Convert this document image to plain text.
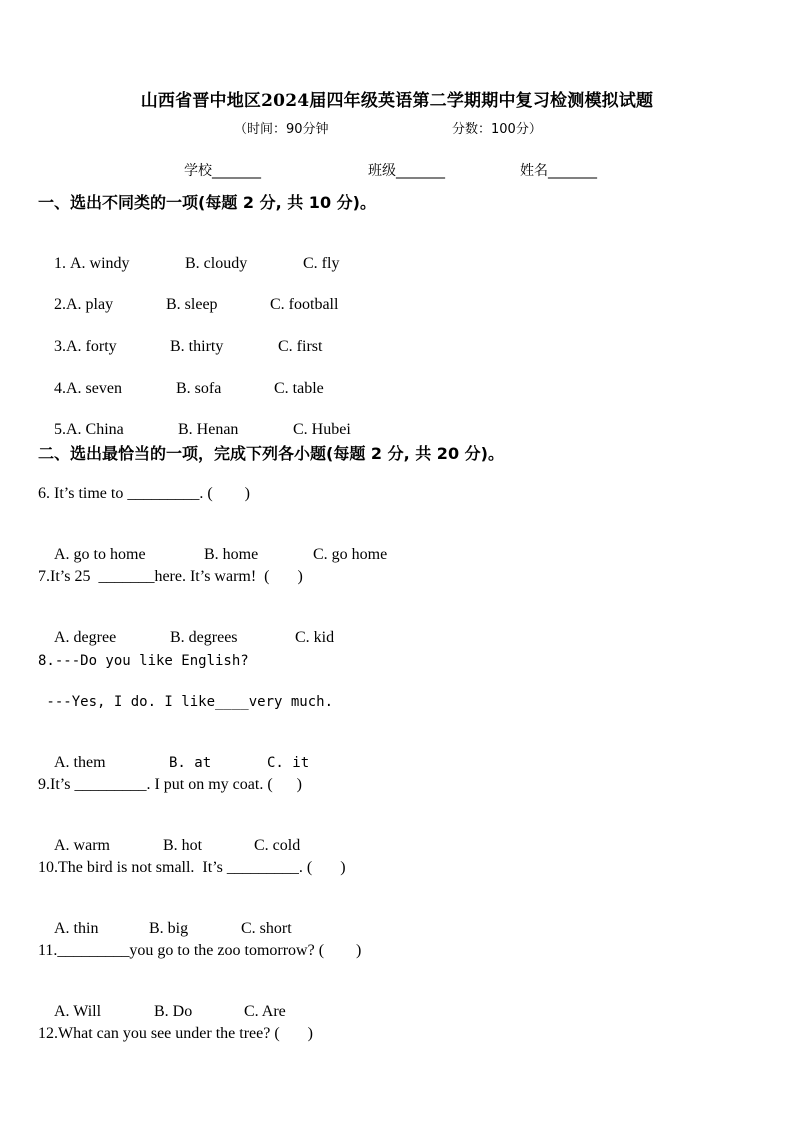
山西省晋中地区2024届四年级英语第二学期期中复习检测模拟试题
（时间：90分钟	分数：100分）
学校_______	班级_______	姓名_______
一、选出不同类的一项(每题 2 分, 共 10 分)。

1. A. windy	B. cloudy	C. fly

2.A. play	B. sleep	C. football

3.A. forty	B. thirty	C. first

4.A. seven	B. sofa	C. table

5.A. China	B. Henan	C. Hubei

二、选出最恰当的一项，完成下列各小题(每题 2 分, 共 20 分)。
6. It’s time to _________. (        )

A. go to home	B. home	C. go home

7.It’s 25  _______here. It’s warm!  (       )

A. degree	B. degrees	C. kid

8.---Do you like English?
---Yes, I do. I like____very much.

A. them	B. at	C. it

9.It’s _________. I put on my coat. (      )

A. warm	B. hot	C. cold

10.The bird is not small.  It’s _________. (       )

A. thin	B. big	C. short

11._________you go to the zoo tomorrow? (        )

A. Will	B. Do	C. Are

12.What can you see under the tree? (       )
